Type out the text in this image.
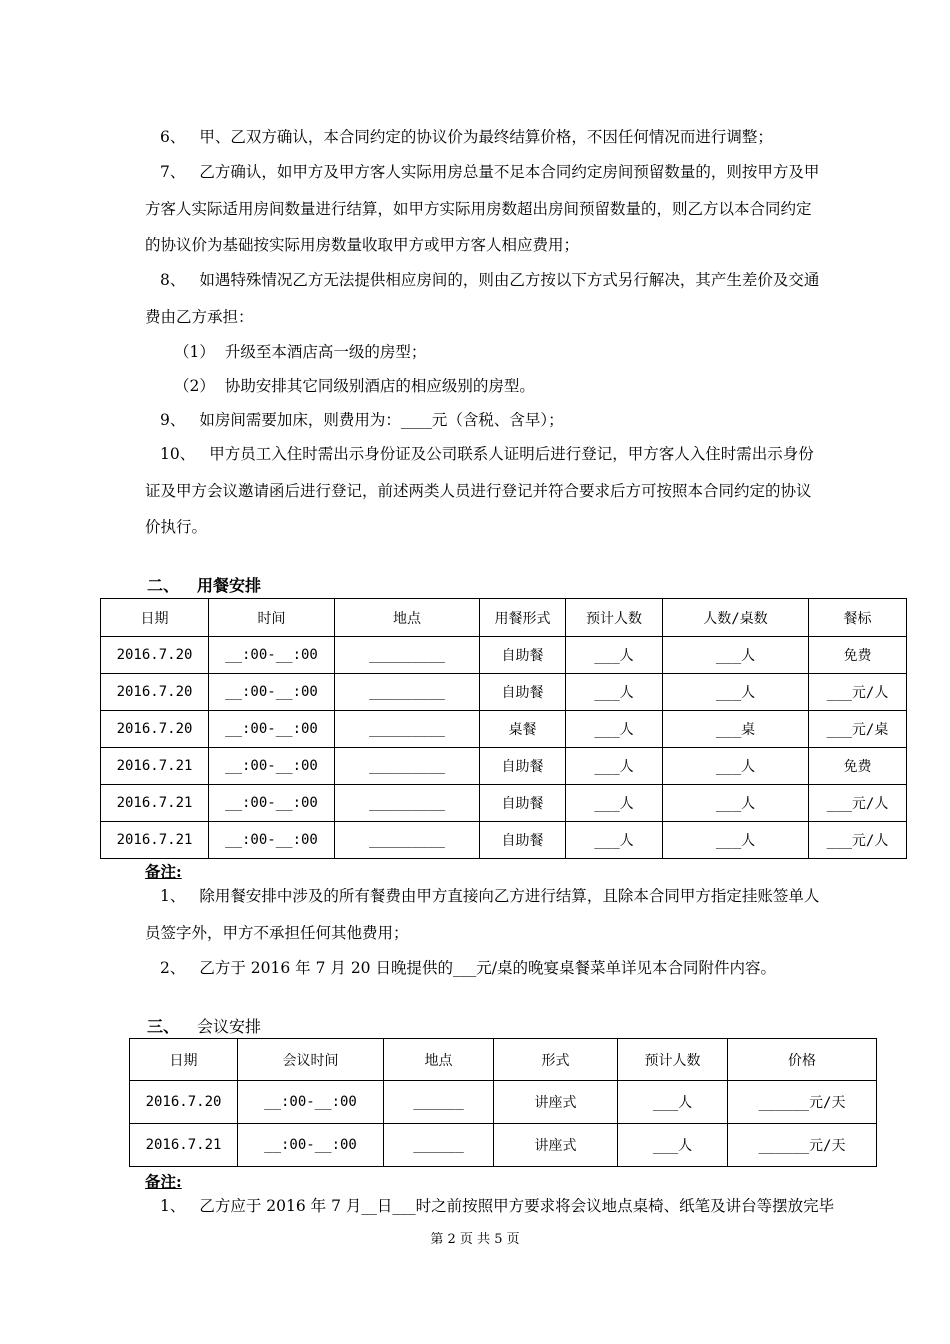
6、 甲、乙双方确认，本合同约定的协议价为最终结算价格，不因任何情况而进行调整；
7、 乙方确认，如甲方及甲方客人实际用房总量不足本合同约定房间预留数量的，则按甲方及甲
方客人实际适用房间数量进行结算，如甲方实际用房数超出房间预留数量的，则乙方以本合同约定
的协议价为基础按实际用房数量收取甲方或甲方客人相应费用；
8、 如遇特殊情况乙方无法提供相应房间的，则由乙方按以下方式另行解决，其产生差价及交通
费由乙方承担：
（1） 升级至本酒店高一级的房型；
（2） 协助安排其它同级别酒店的相应级别的房型。
9、 如房间需要加床，则费用为：____元（含税、含早）；
10、 甲方员工入住时需出示身份证及公司联系人证明后进行登记，甲方客人入住时需出示身份
证及甲方会议邀请函后进行登记，前述两类人员进行登记并符合要求后方可按照本合同约定的协议
价执行。
二、 用餐安排
日期	时间	地点	用餐形式	预计人数	人数/桌数	餐标
2016.7.20	__:00-__:00	_________	自助餐	___人	___人	免费
2016.7.20	__:00-__:00	_________	自助餐	___人	___人	___元/人
2016.7.20	__:00-__:00	_________	桌餐	___人	___桌	___元/桌
2016.7.21	__:00-__:00	_________	自助餐	___人	___人	免费
2016.7.21	__:00-__:00	_________	自助餐	___人	___人	___元/人
2016.7.21	__:00-__:00	_________	自助餐	___人	___人	___元/人
备注:
1、 除用餐安排中涉及的所有餐费由甲方直接向乙方进行结算，且除本合同甲方指定挂账签单人
员签字外，甲方不承担任何其他费用；
2、 乙方于 2016 年 7 月 20 日晚提供的___元/桌的晚宴桌餐菜单详见本合同附件内容。
三、 会议安排
日期	会议时间	地点	形式	预计人数	价格
2016.7.20	__:00-__:00	______	讲座式	___人	______元/天
2016.7.21	__:00-__:00	______	讲座式	___人	______元/天
备注:
1、 乙方应于 2016 年 7 月__日___时之前按照甲方要求将会议地点桌椅、纸笔及讲台等摆放完毕
第 2 页 共 5 页
